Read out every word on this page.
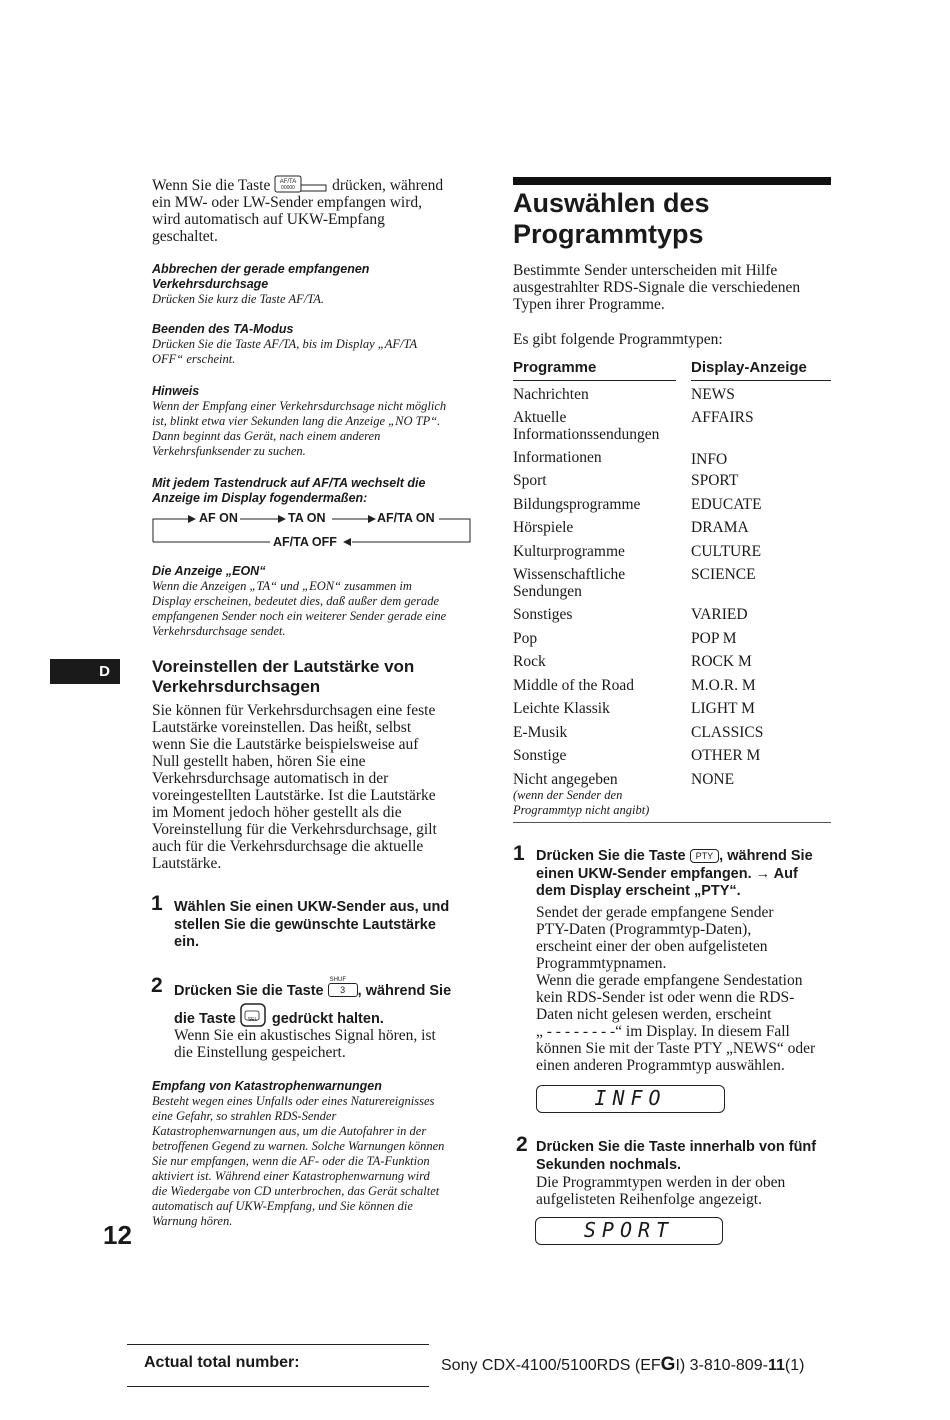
Wenn Sie die Taste AF/TA
00000 drücken, während
ein MW- oder LW-Sender empfangen wird,
wird automatisch auf UKW-Empfang
geschaltet.
Abbrechen der gerade empfangenen
Verkehrsdurchsage
Drücken Sie kurz die Taste AF/TA.
Beenden des TA-Modus
Drücken Sie die Taste AF/TA, bis im Display „AF/TA
OFF“ erscheint.
Hinweis
Wenn der Empfang einer Verkehrsdurchsage nicht möglich
ist, blinkt etwa vier Sekunden lang die Anzeige „NO TP“.
Dann beginnt das Gerät, nach einem anderen
Verkehrsfunksender zu suchen.
Mit jedem Tastendruck auf AF/TA wechselt die
Anzeige im Display fogendermaßen:
AF ON	TA ON	AF/TA ON
AF/TA OFF
Die Anzeige „EON“
Wenn die Anzeigen „TA“ und „EON“ zusammen im
Display erscheinen, bedeutet dies, daß außer dem gerade
empfangenen Sender noch ein weiterer Sender gerade eine
Verkehrsdurchsage sendet.
D	Voreinstellen der Lautstärke von
Verkehrsdurchsagen
Sie können für Verkehrsdurchsagen eine feste
Lautstärke voreinstellen. Das heißt, selbst
wenn Sie die Lautstärke beispielsweise auf
Null gestellt haben, hören Sie eine
Verkehrsdurchsage automatisch in der
voreingestellten Lautstärke. Ist die Lautstärke
im Moment jedoch höher gestellt als die
Voreinstellung für die Verkehrsdurchsage, gilt
auch für die Verkehrsdurchsage die aktuelle
Lautstärke.
1 Wählen Sie einen UKW-Sender aus, und
stellen Sie die gewünschte Lautstärke
ein.
2 Drücken Sie die Taste
SHUF
3 , während Sie
die Taste SEL gedrückt halten.
Wenn Sie ein akustisches Signal hören, ist
die Einstellung gespeichert.
Empfang von Katastrophenwarnungen
Besteht wegen eines Unfalls oder eines Naturereignisses
eine Gefahr, so strahlen RDS-Sender
Katastrophenwarnungen aus, um die Autofahrer in der
betroffenen Gegend zu warnen. Solche Warnungen können
Sie nur empfangen, wenn die AF- oder die TA-Funktion
aktiviert ist. Während einer Katastrophenwarnung wird
die Wiedergabe von CD unterbrochen, das Gerät schaltet
automatisch auf UKW-Empfang, und Sie können die
Warnung hören.
12
Auswählen des
Programmtyps
Bestimmte Sender unterscheiden mit Hilfe
ausgestrahlter RDS-Signale die verschiedenen
Typen ihrer Programme.
Es gibt folgende Programmtypen:
Programme	Display-Anzeige
Nachrichten	NEWS
Aktuelle Informationssendungen	AFFAIRS
Informationen	INFO
Sport	SPORT
Bildungsprogramme	EDUCATE
Hörspiele	DRAMA
Kulturprogramme	CULTURE
Wissenschaftliche Sendungen	SCIENCE
Sonstiges	VARIED
Pop	POP M
Rock	ROCK M
Middle of the Road	M.O.R. M
Leichte Klassik	LIGHT M
E-Musik	CLASSICS
Sonstige	OTHER M

Nicht angegeben
(wenn der Sender den
Programmtyp nicht angibt)	NONE
1 Drücken Sie die Taste PTY , während Sie
einen UKW-Sender empfangen. → Auf
dem Display erscheint „PTY“.
Sendet der gerade empfangene Sender
PTY-Daten (Programmtyp-Daten),
erscheint einer der oben aufgelisteten
Programmtypnamen.
Wenn die gerade empfangene Sendestation
kein RDS-Sender ist oder wenn die RDS-
Daten nicht gelesen werden, erscheint
„ - - - - - - - -“ im Display. In diesem Fall
können Sie mit der Taste PTY „NEWS“ oder
einen anderen Programmtyp auswählen.
INFO
2 Drücken Sie die Taste innerhalb von fünf
Sekunden nochmals.
Die Programmtypen werden in der oben
aufgelisteten Reihenfolge angezeigt.
SPORT
Actual total number:	Sony CDX-4100/5100RDS (EFGI) 3-810-809-11(1)
